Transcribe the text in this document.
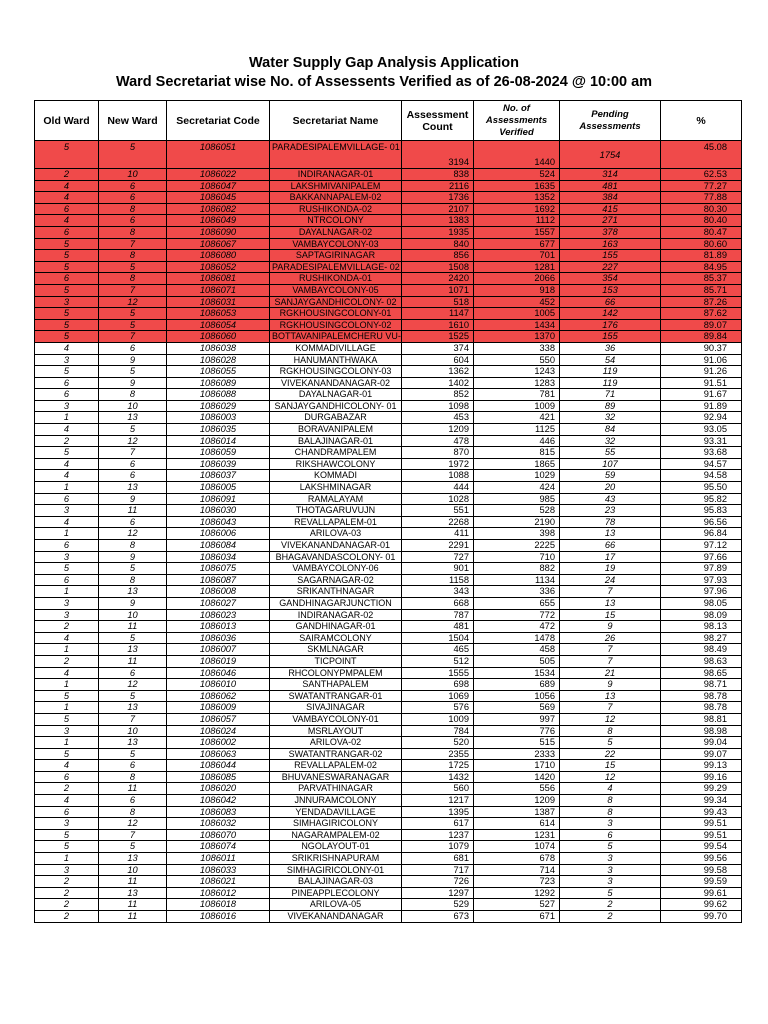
Water Supply Gap Analysis Application
Ward Secretariat wise No. of Assessents Verified as of 26-08-2024 @ 10:00 am
Old Ward	New Ward	Secretariat Code	Secretariat Name	Assessment Count	No. of Assessments Verified	Pending Assessments	%
5	5	1086051	PARADESIPALEMVILLAGE- 01	3194	1440	1754	45.08
2	10	1086022	INDIRANAGAR-01	838	524	314	62.53
4	6	1086047	LAKSHMIVANIPALEM	2116	1635	481	77.27
4	6	1086045	BAKKANNAPALEM-02	1736	1352	384	77.88
6	8	1086082	RUSHIKONDA-02	2107	1692	415	80.30
4	6	1086049	NTRCOLONY	1383	1112	271	80.40
6	8	1086090	DAYALNAGAR-02	1935	1557	378	80.47
5	7	1086067	VAMBAYCOLONY-03	840	677	163	80.60
5	8	1086080	SAPTAGIRINAGAR	856	701	155	81.89
5	5	1086052	PARADESIPALEMVILLAGE- 02	1508	1281	227	84.95
6	8	1086081	RUSHIKONDA-01	2420	2066	354	85.37
5	7	1086071	VAMBAYCOLONY-05	1071	918	153	85.71
3	12	1086031	SANJAYGANDHICOLONY- 02	518	452	66	87.26
5	5	1086053	RGKHOUSINGCOLONY-01	1147	1005	142	87.62
5	5	1086054	RGKHOUSINGCOLONY-02	1610	1434	176	89.07
5	7	1086060	BOTTAVANIPALEMCHERU VU-	1525	1370	155	89.84
4	6	1086038	KOMMADIVILLAGE	374	338	36	90.37
3	9	1086028	HANUMANTHWAKA	604	550	54	91.06
5	5	1086055	RGKHOUSINGCOLONY-03	1362	1243	119	91.26
6	9	1086089	VIVEKANANDANAGAR-02	1402	1283	119	91.51
6	8	1086088	DAYALNAGAR-01	852	781	71	91.67
3	10	1086029	SANJAYGANDHICOLONY- 01	1098	1009	89	91.89
1	13	1086003	DURGABAZAR	453	421	32	92.94
4	5	1086035	BORAVANIPALEM	1209	1125	84	93.05
2	12	1086014	BALAJINAGAR-01	478	446	32	93.31
5	7	1086059	CHANDRAMPALEM	870	815	55	93.68
4	6	1086039	RIKSHAWCOLONY	1972	1865	107	94.57
4	6	1086037	KOMMADI	1088	1029	59	94.58
1	13	1086005	LAKSHMINAGAR	444	424	20	95.50
6	9	1086091	RAMALAYAM	1028	985	43	95.82
3	11	1086030	THOTAGARUVUJN	551	528	23	95.83
4	6	1086043	REVALLAPALEM-01	2268	2190	78	96.56
1	12	1086006	ARILOVA-03	411	398	13	96.84
6	8	1086084	VIVEKANANDANAGAR-01	2291	2225	66	97.12
3	9	1086034	BHAGAVANDASCOLONY- 01	727	710	17	97.66
5	5	1086075	VAMBAYCOLONY-06	901	882	19	97.89
6	8	1086087	SAGARNAGAR-02	1158	1134	24	97.93
1	13	1086008	SRIKANTHNAGAR	343	336	7	97.96
3	9	1086027	GANDHINAGARJUNCTION	668	655	13	98.05
3	10	1086023	INDIRANAGAR-02	787	772	15	98.09
2	11	1086013	GANDHINAGAR-01	481	472	9	98.13
4	5	1086036	SAIRAMCOLONY	1504	1478	26	98.27
1	13	1086007	SKMLNAGAR	465	458	7	98.49
2	11	1086019	TICPOINT	512	505	7	98.63
4	6	1086046	RHCOLONYPMPALEM	1555	1534	21	98.65
1	12	1086010	SANTHAPALEM	698	689	9	98.71
5	5	1086062	SWATANTRANGAR-01	1069	1056	13	98.78
1	13	1086009	SIVAJINAGAR	576	569	7	98.78
5	7	1086057	VAMBAYCOLONY-01	1009	997	12	98.81
3	10	1086024	MSRLAYOUT	784	776	8	98.98
1	13	1086002	ARILOVA-02	520	515	5	99.04
5	5	1086063	SWATANTRANGAR-02	2355	2333	22	99.07
4	6	1086044	REVALLAPALEM-02	1725	1710	15	99.13
6	8	1086085	BHUVANESWARANAGAR	1432	1420	12	99.16
2	11	1086020	PARVATHINAGAR	560	556	4	99.29
4	6	1086042	JNNURAMCOLONY	1217	1209	8	99.34
6	8	1086083	YENDADAVILLAGE	1395	1387	8	99.43
3	12	1086032	SIMHAGIRICOLONY	617	614	3	99.51
5	7	1086070	NAGARAMPALEM-02	1237	1231	6	99.51
5	5	1086074	NGOLAYOUT-01	1079	1074	5	99.54
1	13	1086011	SRIKRISHNAPURAM	681	678	3	99.56
3	10	1086033	SIMHAGIRICOLONY-01	717	714	3	99.58
2	11	1086021	BALAJINAGAR-03	726	723	3	99.59
2	13	1086012	PINEAPPLECOLONY	1297	1292	5	99.61
2	11	1086018	ARILOVA-05	529	527	2	99.62
2	11	1086016	VIVEKANANDANAGAR	673	671	2	99.70
